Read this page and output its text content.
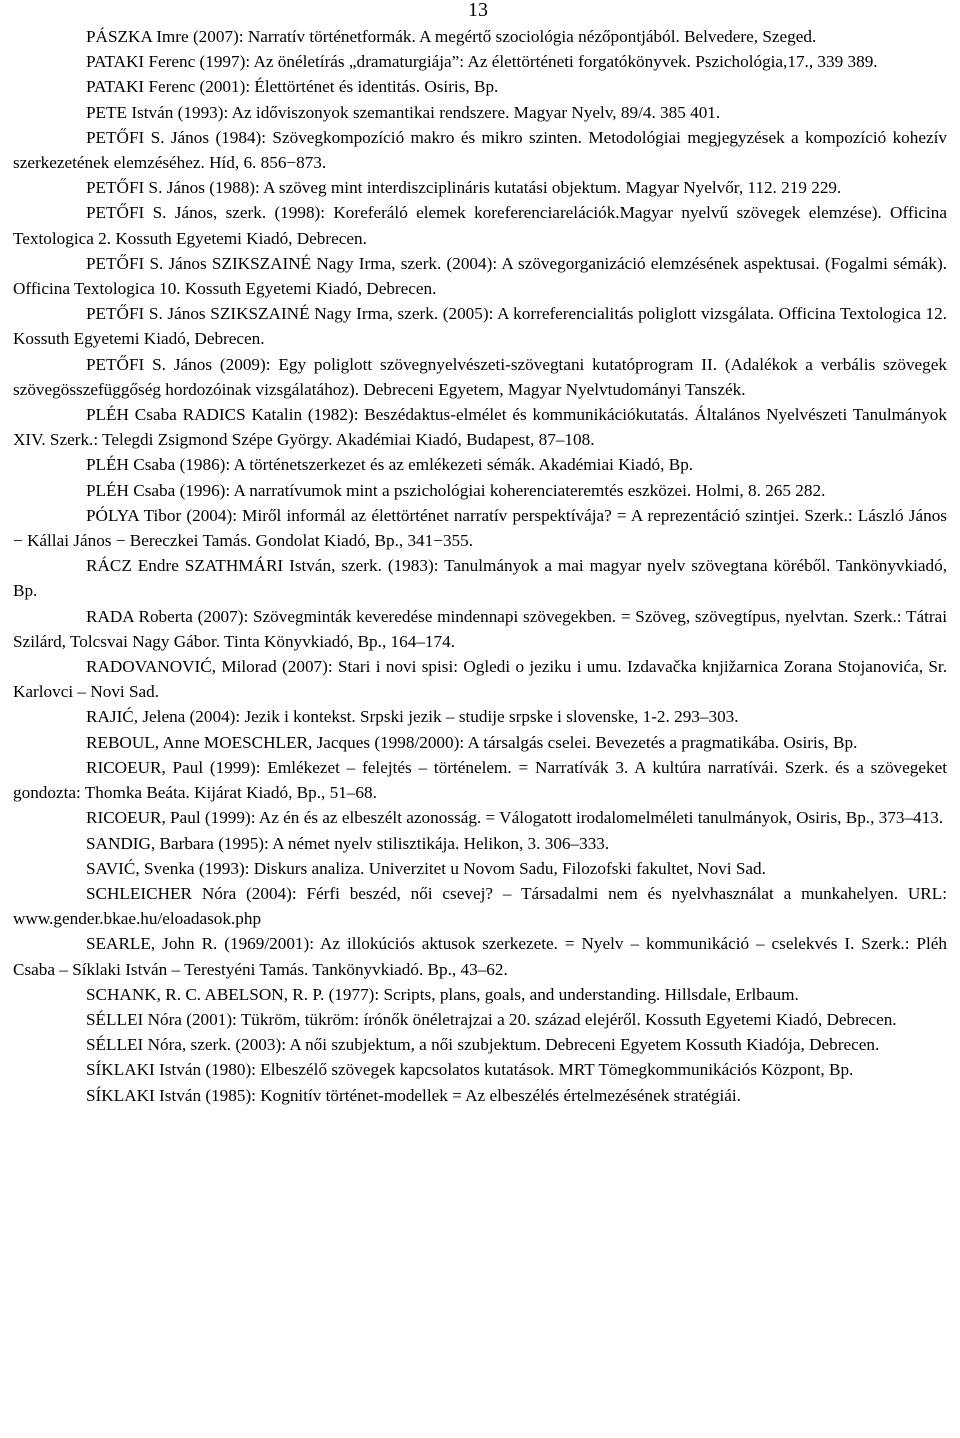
13

PÁSZKA Imre (2007): Narratív történetformák. A megértő szociológia nézőpontjából. Belvedere, Szeged.

PATAKI Ferenc (1997): Az önéletírás „dramaturgiája”: Az élettörténeti forgatókönyvek. Pszichológia,17., 339 389.

PATAKI Ferenc (2001): Élettörténet és identitás. Osiris, Bp.

PETE István (1993): Az időviszonyok szemantikai rendszere. Magyar Nyelv, 89/4. 385 401.

PETŐFI S. János (1984): Szövegkompozíció makro és mikro szinten. Metodológiai megjegyzések a kompozíció kohezív szerkezetének elemzéséhez. Híd, 6. 856−873.

PETŐFI S. János (1988): A szöveg mint interdiszciplináris kutatási objektum. Magyar Nyelvőr, 112. 219 229.

PETŐFI S. János, szerk. (1998): Koreferáló elemek koreferenciarelációk.Magyar nyelvű szövegek elemzése). Officina Textologica 2. Kossuth Egyetemi Kiadó, Debrecen.

PETŐFI S. János SZIKSZAINÉ Nagy Irma, szerk. (2004): A szövegorganizáció elemzésének aspektusai. (Fogalmi sémák). Officina Textologica 10. Kossuth Egyetemi Kiadó, Debrecen.

PETŐFI S. János SZIKSZAINÉ Nagy Irma, szerk. (2005): A korreferencialitás poliglott vizsgálata. Officina Textologica 12. Kossuth Egyetemi Kiadó, Debrecen.

PETŐFI S. János (2009): Egy poliglott szövegnyelvészeti-szövegtani kutatóprogram II. (Adalékok a verbális szövegek szövegösszefüggőség hordozóinak vizsgálatához). Debreceni Egyetem, Magyar Nyelvtudományi Tanszék.

PLÉH Csaba RADICS Katalin (1982): Beszédaktus-elmélet és kommunikációkutatás. Általános Nyelvészeti Tanulmányok XIV. Szerk.: Telegdi Zsigmond Szépe György. Akadémiai Kiadó, Budapest, 87–108.

PLÉH Csaba (1986): A történetszerkezet és az emlékezeti sémák. Akadémiai Kiadó, Bp.

PLÉH Csaba (1996): A narratívumok mint a pszichológiai koherenciateremtés eszközei. Holmi, 8. 265 282.

PÓLYA Tibor (2004): Miről informál az élettörténet narratív perspektívája? = A reprezentáció szintjei. Szerk.: László János − Kállai János − Bereczkei Tamás. Gondolat Kiadó, Bp., 341−355.

RÁCZ Endre SZATHMÁRI István, szerk. (1983): Tanulmányok a mai magyar nyelv szövegtana köréből. Tankönyvkiadó, Bp.

RADA Roberta (2007): Szövegminták keveredése mindennapi szövegekben. = Szöveg, szövegtípus, nyelvtan. Szerk.: Tátrai Szilárd, Tolcsvai Nagy Gábor. Tinta Könyvkiadó, Bp., 164–174.

RADOVANOVIĆ, Milorad (2007): Stari i novi spisi: Ogledi o jeziku i umu. Izdavačka knjižarnica Zorana Stojanovića, Sr. Karlovci – Novi Sad.

RAJIĆ, Jelena (2004): Jezik i kontekst. Srpski jezik – studije srpske i slovenske, 1-2. 293–303.

REBOUL, Anne MOESCHLER, Jacques (1998/2000): A társalgás cselei. Bevezetés a pragmatikába. Osiris, Bp.

RICOEUR, Paul (1999): Emlékezet – felejtés – történelem. = Narratívák 3. A kultúra narratívái. Szerk. és a szövegeket gondozta: Thomka Beáta. Kijárat Kiadó, Bp., 51–68.

RICOEUR, Paul (1999): Az én és az elbeszélt azonosság. = Válogatott irodalomelméleti tanulmányok, Osiris, Bp., 373–413.

SANDIG, Barbara (1995): A német nyelv stilisztikája. Helikon, 3. 306–333.

SAVIĆ, Svenka (1993): Diskurs analiza. Univerzitet u Novom Sadu, Filozofski fakultet, Novi Sad.

SCHLEICHER Nóra (2004): Férfi beszéd, női csevej? – Társadalmi nem és nyelvhasználat a munkahelyen. URL: www.gender.bkae.hu/eloadasok.php

SEARLE, John R. (1969/2001): Az illokúciós aktusok szerkezete. = Nyelv – kommunikáció – cselekvés I. Szerk.: Pléh Csaba – Síklaki István – Terestyéni Tamás. Tankönyvkiadó. Bp., 43–62.

SCHANK, R. C. ABELSON, R. P. (1977): Scripts, plans, goals, and understanding. Hillsdale, Erlbaum.

SÉLLEI Nóra (2001): Tükröm, tükröm: írónők önéletrajzai a 20. század elejéről. Kossuth Egyetemi Kiadó, Debrecen.

SÉLLEI Nóra, szerk. (2003): A női szubjektum, a női szubjektum. Debreceni Egyetem Kossuth Kiadója, Debrecen.

SÍKLAKI István (1980): Elbeszélő szövegek kapcsolatos kutatások. MRT Tömegkommunikációs Központ, Bp.

SÍKLAKI István (1985): Kognitív történet-modellek = Az elbeszélés értelmezésének stratégiái.
